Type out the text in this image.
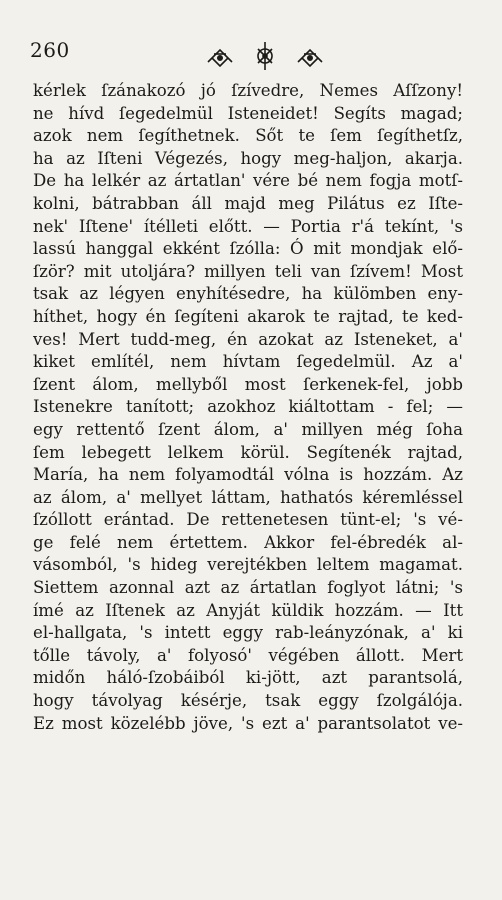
260
kérlek ſzánakozó jó ſzívedre, Nemes Aſſzony!
ne hívd ſegedelmül Isteneidet! Segíts magad;
azok nem ſegíthetnek. Sőt te ſem ſegíthetſz,
ha az Iſteni Végezés, hogy meg-haljon, akarja.
De ha lelkér az ártatlan' vére bé nem fogja motſ-
kolni, bátrabban áll majd meg Pilátus ez Iſte-
nek' Iſtene' ítélleti előtt. — Portia r'á tekínt, 's
lassú hanggal ekként ſzólla: Ó mit mondjak elő-
ſzör? mit utoljára? millyen teli van ſzívem! Most
tsak az légyen enyhítésedre, ha külömben eny-
híthet, hogy én ſegíteni akarok te rajtad, te ked-
ves! Mert tudd-meg, én azokat az Isteneket, a'
kiket említél, nem hívtam ſegedelmül. Az a'
ſzent álom, mellyből most ſerkenek-fel, jobb
Istenekre tanított; azokhoz kiáltottam - fel; —
egy rettentő ſzent álom, a' millyen még ſoha
ſem lebegett lelkem körül. Segítenék rajtad,
María, ha nem folyamodtál vólna is hozzám. Az
az álom, a' mellyet láttam, hathatós kéremléssel
ſzóllott erántad. De rettenetesen tünt-el; 's vé-
ge felé nem értettem. Akkor fel-ébredék al-
vásomból, 's hideg verejtékben leltem magamat.
Siettem azonnal azt az ártatlan foglyot látni; 's
ímé az Iſtenek az Anyját küldik hozzám. — Itt
el-hallgata, 's intett eggy rab-leányzónak, a' ki
tőlle távoly, a' folyosó' végében állott. Mert
midőn háló-ſzobáiból ki-jött, azt parantsolá,
hogy távolyag késérje, tsak eggy ſzolgálója.
Ez most közelébb jöve, 's ezt a' parantsolatot ve-
